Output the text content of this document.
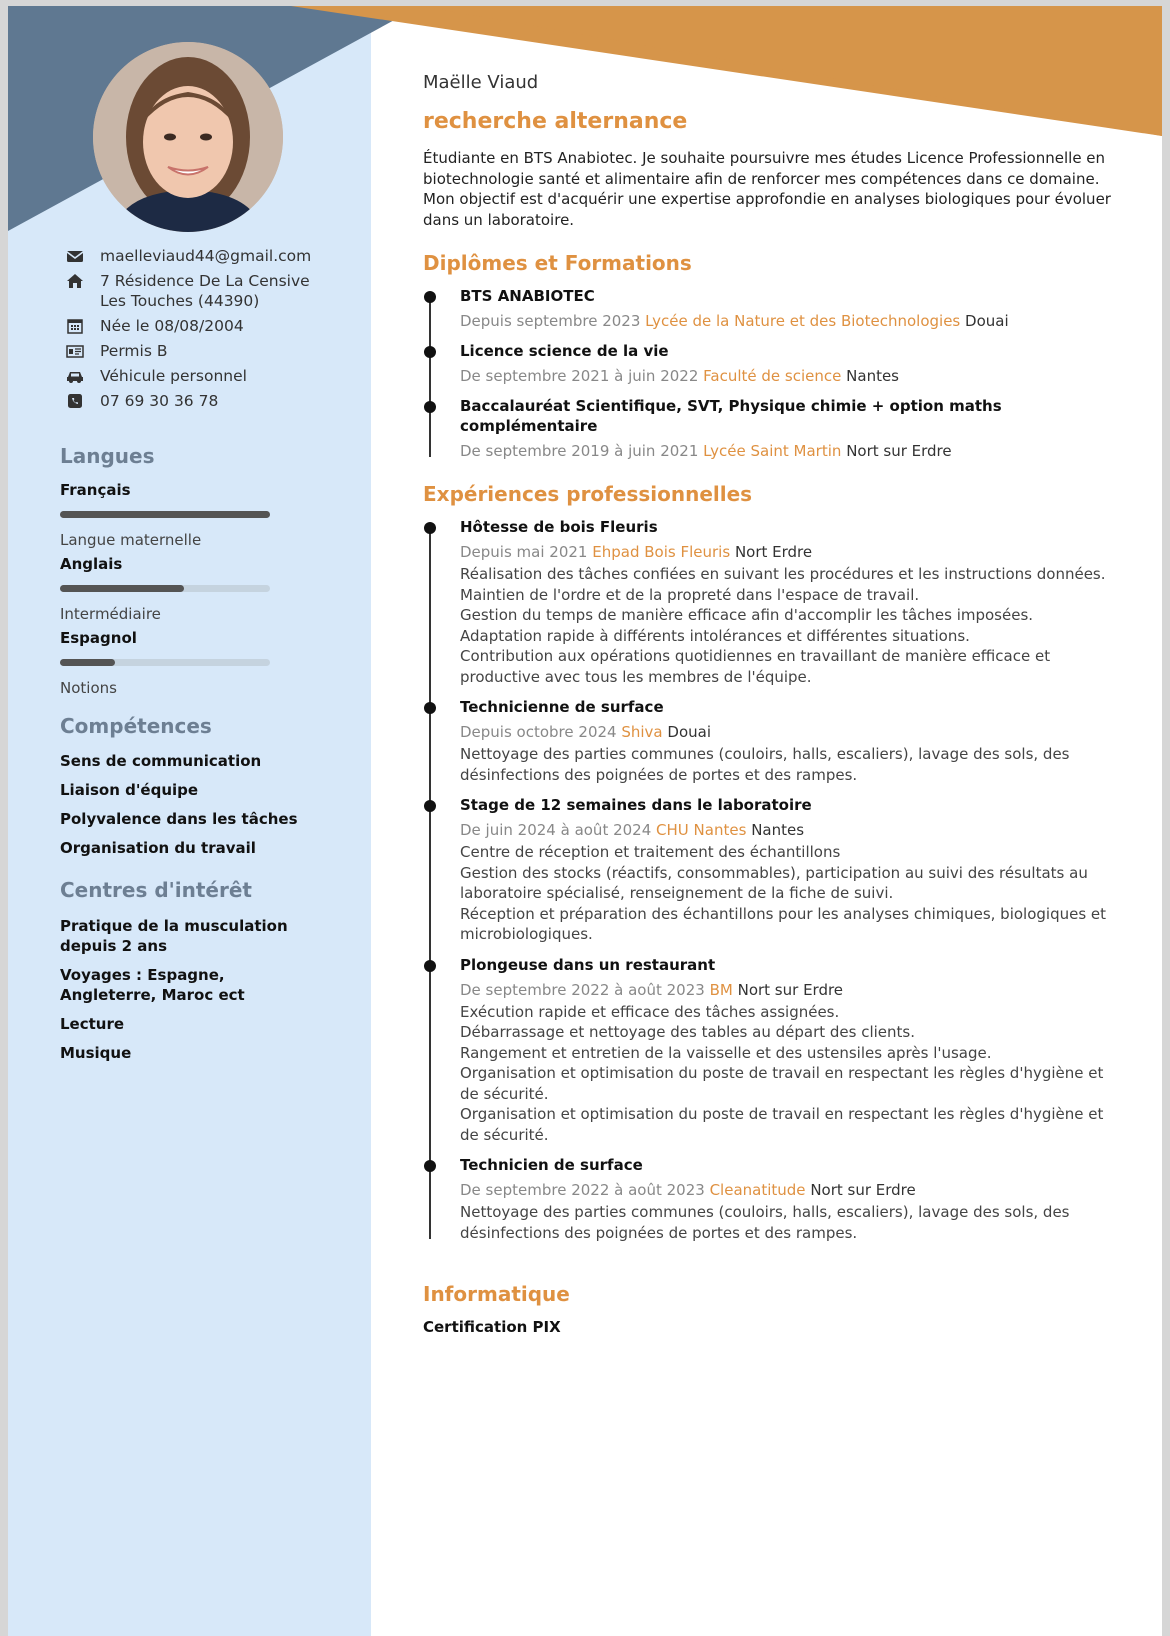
maelleviaud44@gmail.com
7 Résidence De La Censive
Les Touches (44390)
Née le 08/08/2004
Permis B
Véhicule personnel
07 69 30 36 78
Langues
Français
Langue maternelle
Anglais
Intermédiaire
Espagnol
Notions
Compétences
Sens de communication
Liaison d'équipe
Polyvalence dans les tâches
Organisation du travail
Centres d'intérêt
Pratique de la musculation depuis 2 ans
Voyages : Espagne, Angleterre, Maroc ect
Lecture
Musique
Maëlle Viaud
recherche alternance
Étudiante en BTS Anabiotec. Je souhaite poursuivre mes études Licence Professionnelle en biotechnologie santé et alimentaire afin de renforcer mes compétences dans ce domaine. Mon objectif est d'acquérir une expertise approfondie en analyses biologiques pour évoluer dans un laboratoire.
Diplômes et Formations
BTS ANABIOTEC
Depuis septembre 2023 Lycée de la Nature et des Biotechnologies Douai
Licence science de la vie
De septembre 2021 à juin 2022 Faculté de science Nantes
Baccalauréat Scientifique, SVT, Physique chimie + option maths complémentaire
De septembre 2019 à juin 2021 Lycée Saint Martin Nort sur Erdre
Expériences professionnelles
Hôtesse de bois Fleuris
Depuis mai 2021 Ehpad Bois Fleuris Nort Erdre
Réalisation des tâches confiées en suivant les procédures et les instructions données.
Maintien de l'ordre et de la propreté dans l'espace de travail.
Gestion du temps de manière efficace afin d'accomplir les tâches imposées.
Adaptation rapide à différents intolérances et différentes situations.
Contribution aux opérations quotidiennes en travaillant de manière efficace et productive avec tous les membres de l'équipe.
Technicienne de surface
Depuis octobre 2024 Shiva Douai
Nettoyage des parties communes (couloirs, halls, escaliers), lavage des sols, des désinfections des poignées de portes et des rampes.
Stage de 12 semaines dans le laboratoire
De juin 2024 à août 2024 CHU Nantes Nantes
Centre de réception et traitement des échantillons
Gestion des stocks (réactifs, consommables), participation au suivi des résultats au laboratoire spécialisé, renseignement de la fiche de suivi.
Réception et préparation des échantillons pour les analyses chimiques, biologiques et microbiologiques.
Plongeuse dans un restaurant
De septembre 2022 à août 2023 BM Nort sur Erdre
Exécution rapide et efficace des tâches assignées.
Débarrassage et nettoyage des tables au départ des clients.
Rangement et entretien de la vaisselle et des ustensiles après l'usage.
Organisation et optimisation du poste de travail en respectant les règles d'hygiène et de sécurité.
Organisation et optimisation du poste de travail en respectant les règles d'hygiène et de sécurité.
Technicien de surface
De septembre 2022 à août 2023 Cleanatitude Nort sur Erdre
Nettoyage des parties communes (couloirs, halls, escaliers), lavage des sols, des désinfections des poignées de portes et des rampes.
Informatique
Certification PIX
